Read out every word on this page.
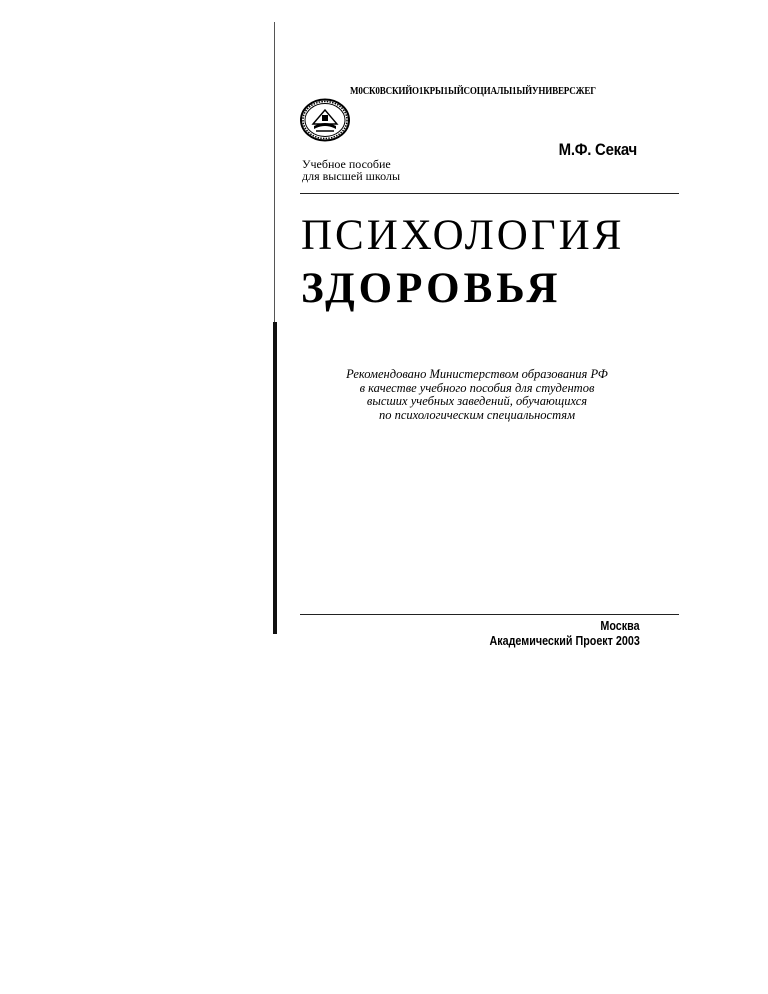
М0СК0ВСКИЙО1КРЫ1ЫЙСОЦИАЛЫ1ЫЙУНИВЕРСЖЕГ
М.Ф. Секач
Учебное пособие
для высшей школы
ПСИХОЛОГИЯ
ЗДОРОВЬЯ
Рекомендовано Министерством образования РФ
в качестве учебного пособия для студентов
высших учебных заведений, обучающихся
по психологическим специальностям
Москва
Академический Проект 2003
